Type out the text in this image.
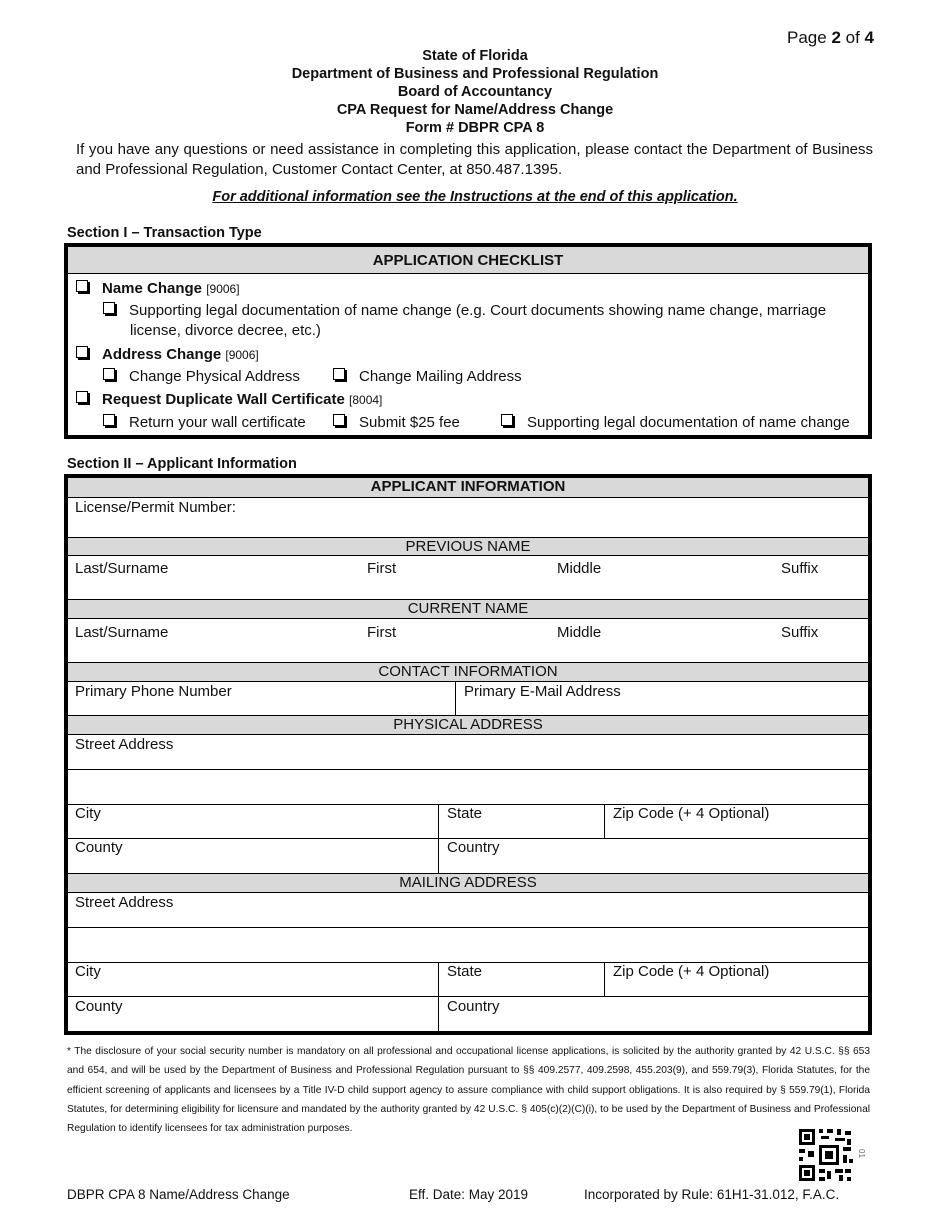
Page 2 of 4
State of Florida
Department of Business and Professional Regulation
Board of Accountancy
CPA Request for Name/Address Change
Form # DBPR CPA 8
If you have any questions or need assistance in completing this application, please contact the Department of Business and Professional Regulation, Customer Contact Center, at 850.487.1395.
For additional information see the Instructions at the end of this application.
Section I – Transaction Type
APPLICATION CHECKLIST
Name Change [9006]
Supporting legal documentation of name change (e.g. Court documents showing name change, marriage
license, divorce decree, etc.)
Address Change [9006]
Change Physical Address	Change Mailing Address
Request Duplicate Wall Certificate [8004]
Return your wall certificate	Submit $25 fee	Supporting legal documentation of name change
Section II – Applicant Information
APPLICANT INFORMATION
License/Permit Number:
PREVIOUS NAME
Last/Surname	First	Middle	Suffix
CURRENT NAME
Last/Surname	First	Middle	Suffix
CONTACT INFORMATION
Primary Phone Number	Primary E-Mail Address
PHYSICAL ADDRESS
Street Address
City	State	Zip Code (+ 4 Optional)
County	Country
MAILING ADDRESS
Street Address
City	State	Zip Code (+ 4 Optional)
County	Country
* The disclosure of your social security number is mandatory on all professional and occupational license applications, is solicited by the authority granted by 42 U.S.C. §§ 653 and 654, and will be used by the Department of Business and Professional Regulation pursuant to §§ 409.2577, 409.2598, 455.203(9), and 559.79(3), Florida Statutes, for the efficient screening of applicants and licensees by a Title IV-D child support agency to assure compliance with child support obligations. It is also required by § 559.79(1), Florida Statutes, for determining eligibility for licensure and mandated by the authority granted by 42 U.S.C. § 405(c)(2)(C)(i), to be used by the Department of Business and Professional Regulation to identify licensees for tax administration purposes.
01
DBPR CPA 8 Name/Address Change	Eff. Date: May 2019	Incorporated by Rule: 61H1-31.012, F.A.C.
